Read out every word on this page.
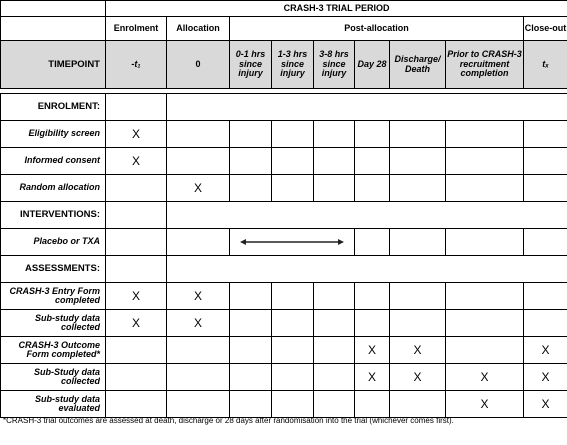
	CRASH-3 TRIAL PERIOD								
	Enrolment	Allocation	Post-allocation						Close-out
TIMEPOINT	-t₁	0	0-1 hrs since injury	1-3 hrs since injury	3-8 hrs since injury	Day 28	Discharge/ Death	Prior to CRASH-3 recruitment completion	tₓ

ENROLMENT:									
Eligibility screen	X								
Informed consent	X								
Random allocation		X							
INTERVENTIONS:									
Placebo or TXA			

ASSESSMENTS:									
CRASH-3 Entry Form completed	X	X							
Sub-study data collected	X	X							
CRASH-3 Outcome Form completed*						X	X		X
Sub-Study data collected						X	X	X	X
Sub-study data evaluated								X	X
*CRASH-3 trial outcomes are assessed at death, discharge or 28 days after randomisation into the trial (whichever comes first).
